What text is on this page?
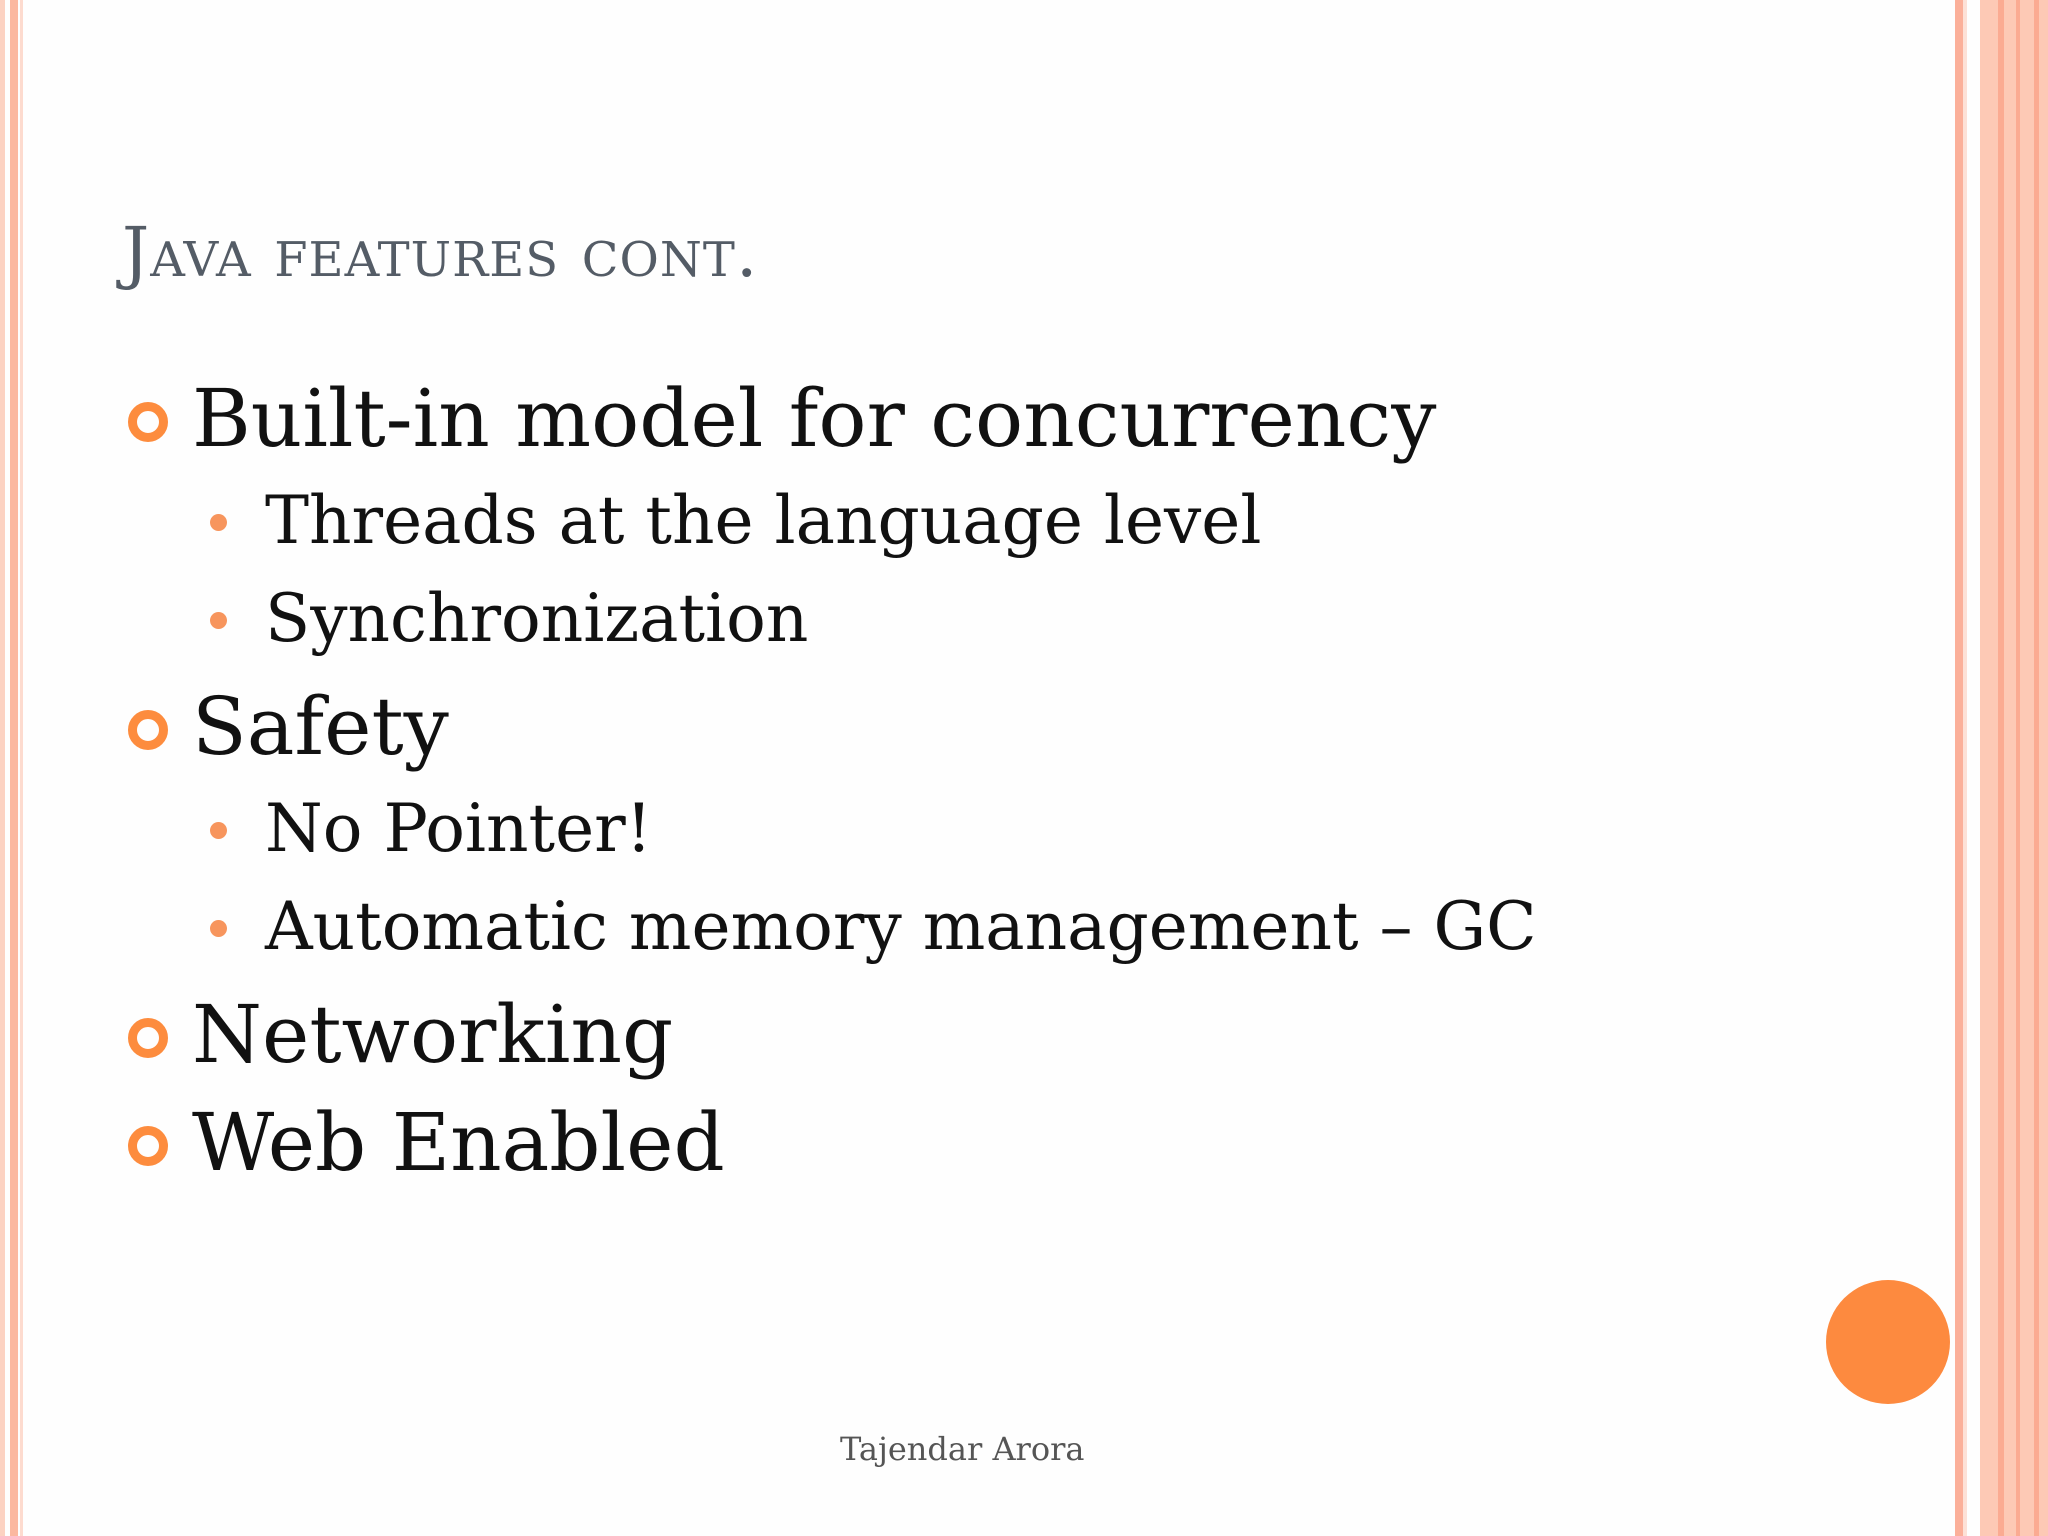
Java features cont.
Built-in model for concurrency
Threads at the language level
Synchronization
Safety
No Pointer!
Automatic memory management – GC
Networking
Web Enabled
Tajendar Arora
